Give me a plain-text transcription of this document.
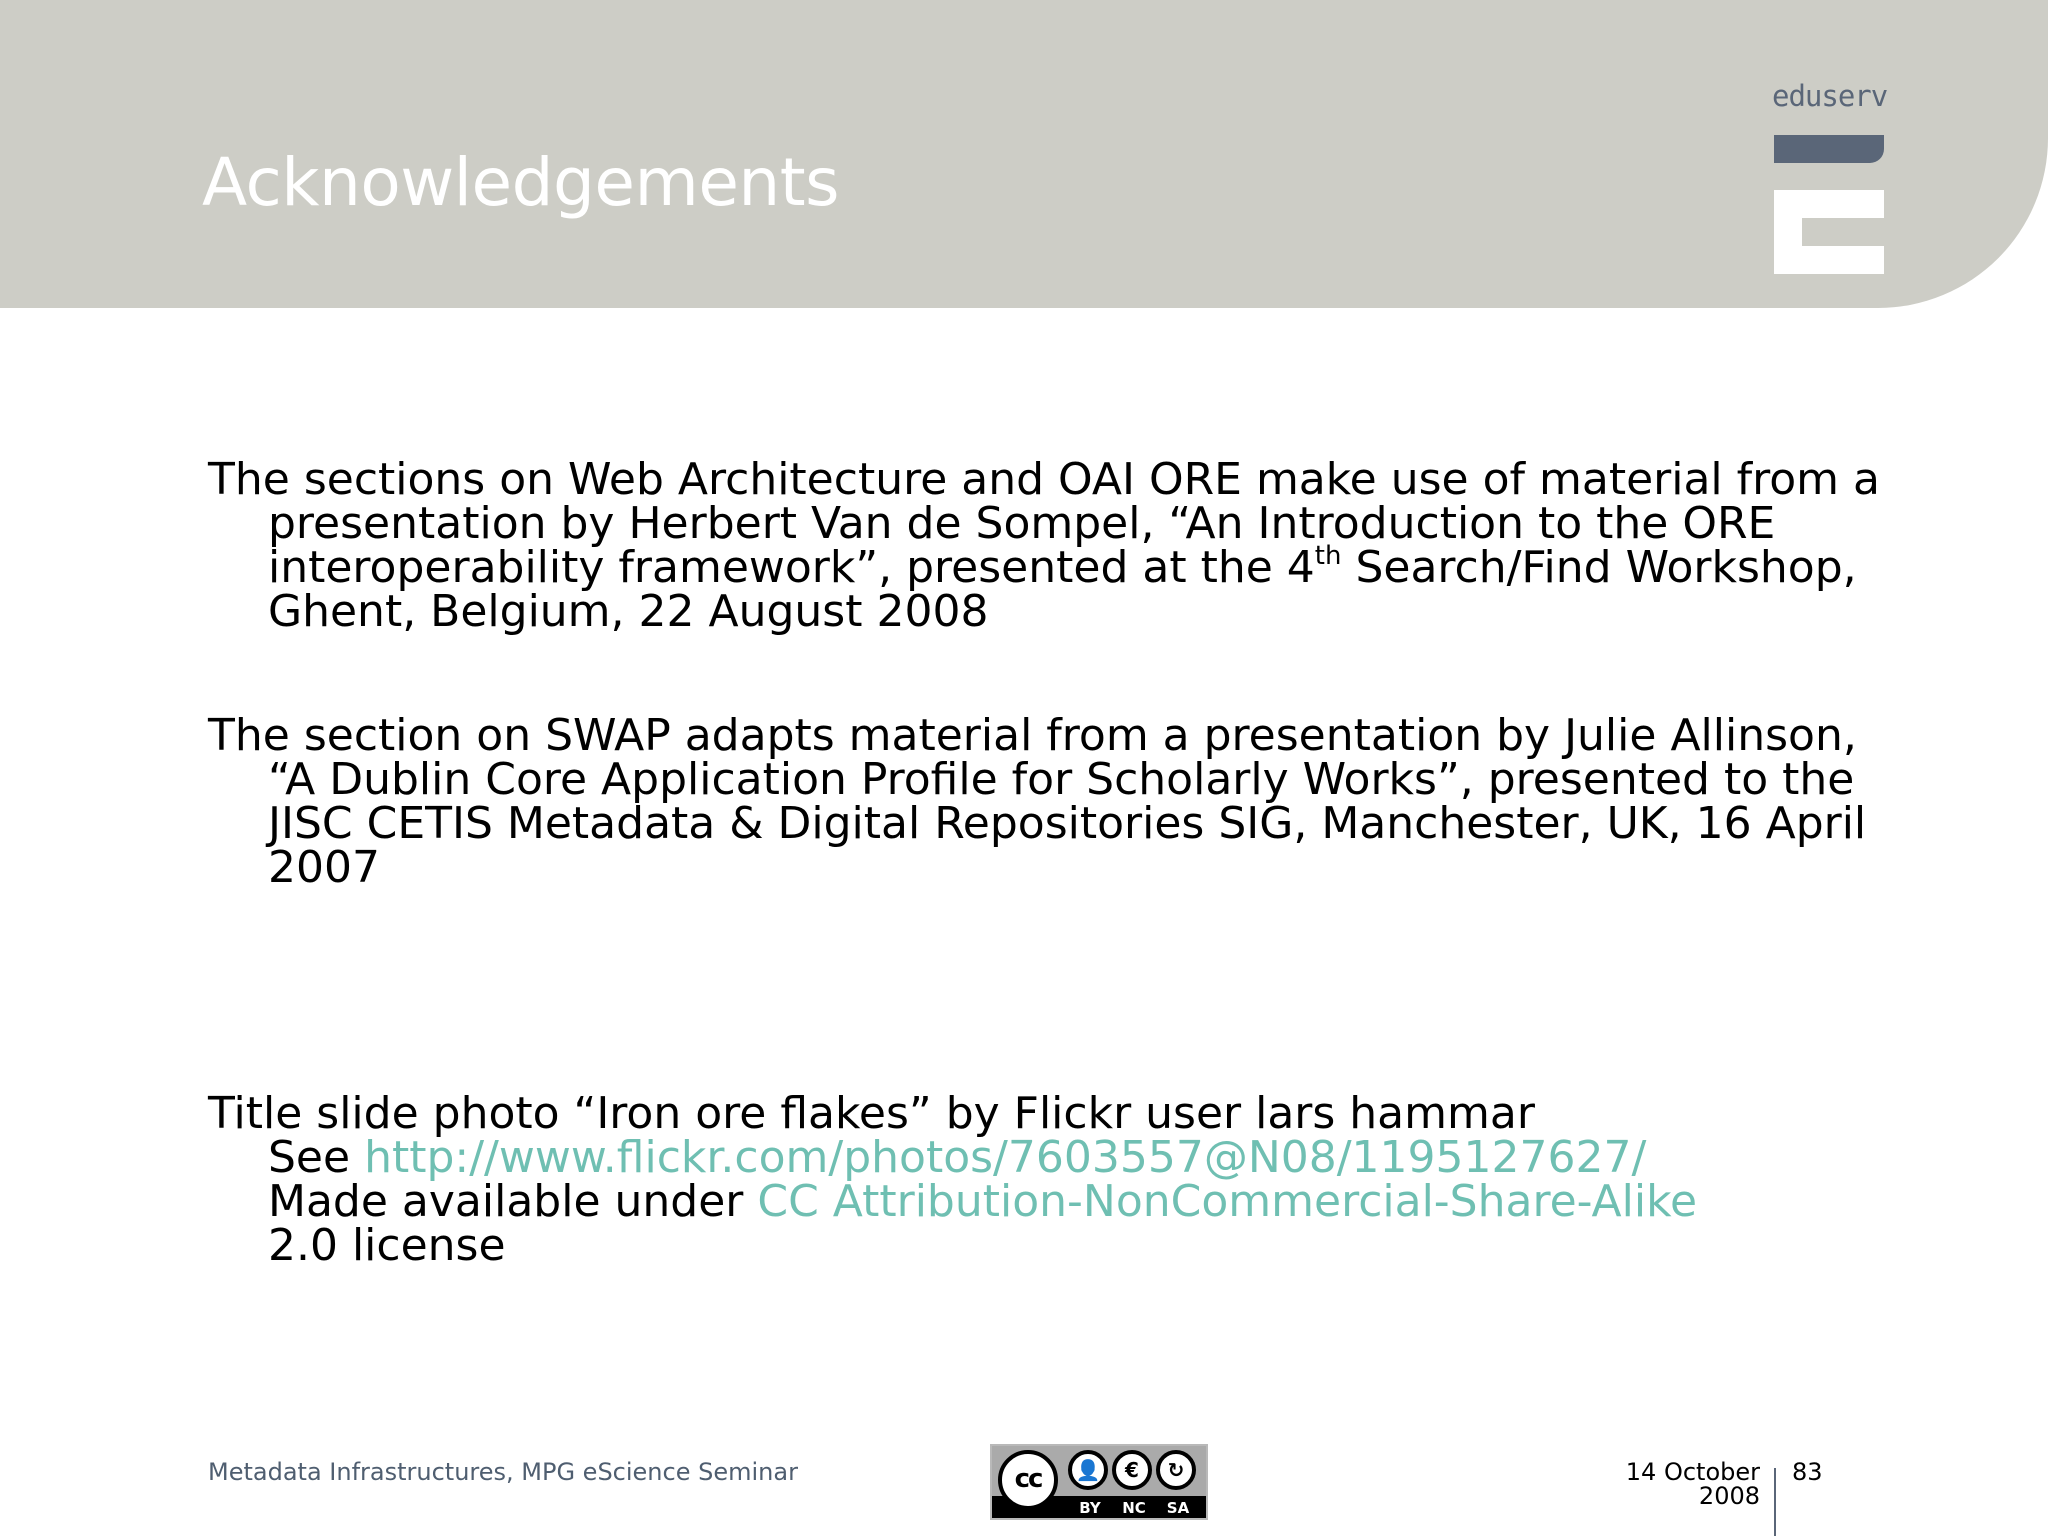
Acknowledgements
eduserv

The sections on Web Architecture and OAI ORE make use of material from a presentation by Herbert Van de Sompel, “An Introduction to the ORE interoperability framework”, presented at the 4th Search/Find Workshop, Ghent, Belgium, 22 August 2008

The section on SWAP adapts material from a presentation by Julie Allinson, “A Dublin Core Application Profile for Scholarly Works”, presented to the JISC CETIS Metadata & Digital Repositories SIG, Manchester, UK, 16 April 2007

Title slide photo “Iron ore flakes” by Flickr user lars hammar
See http://www.flickr.com/photos/7603557@N08/1195127627/
Made available under CC Attribution-NonCommercial-Share-Alike
2.0 license

Metadata Infrastructures, MPG eScience Seminar	cc	👤	€	↻
BY	NC	SA
14 October 2008
83
